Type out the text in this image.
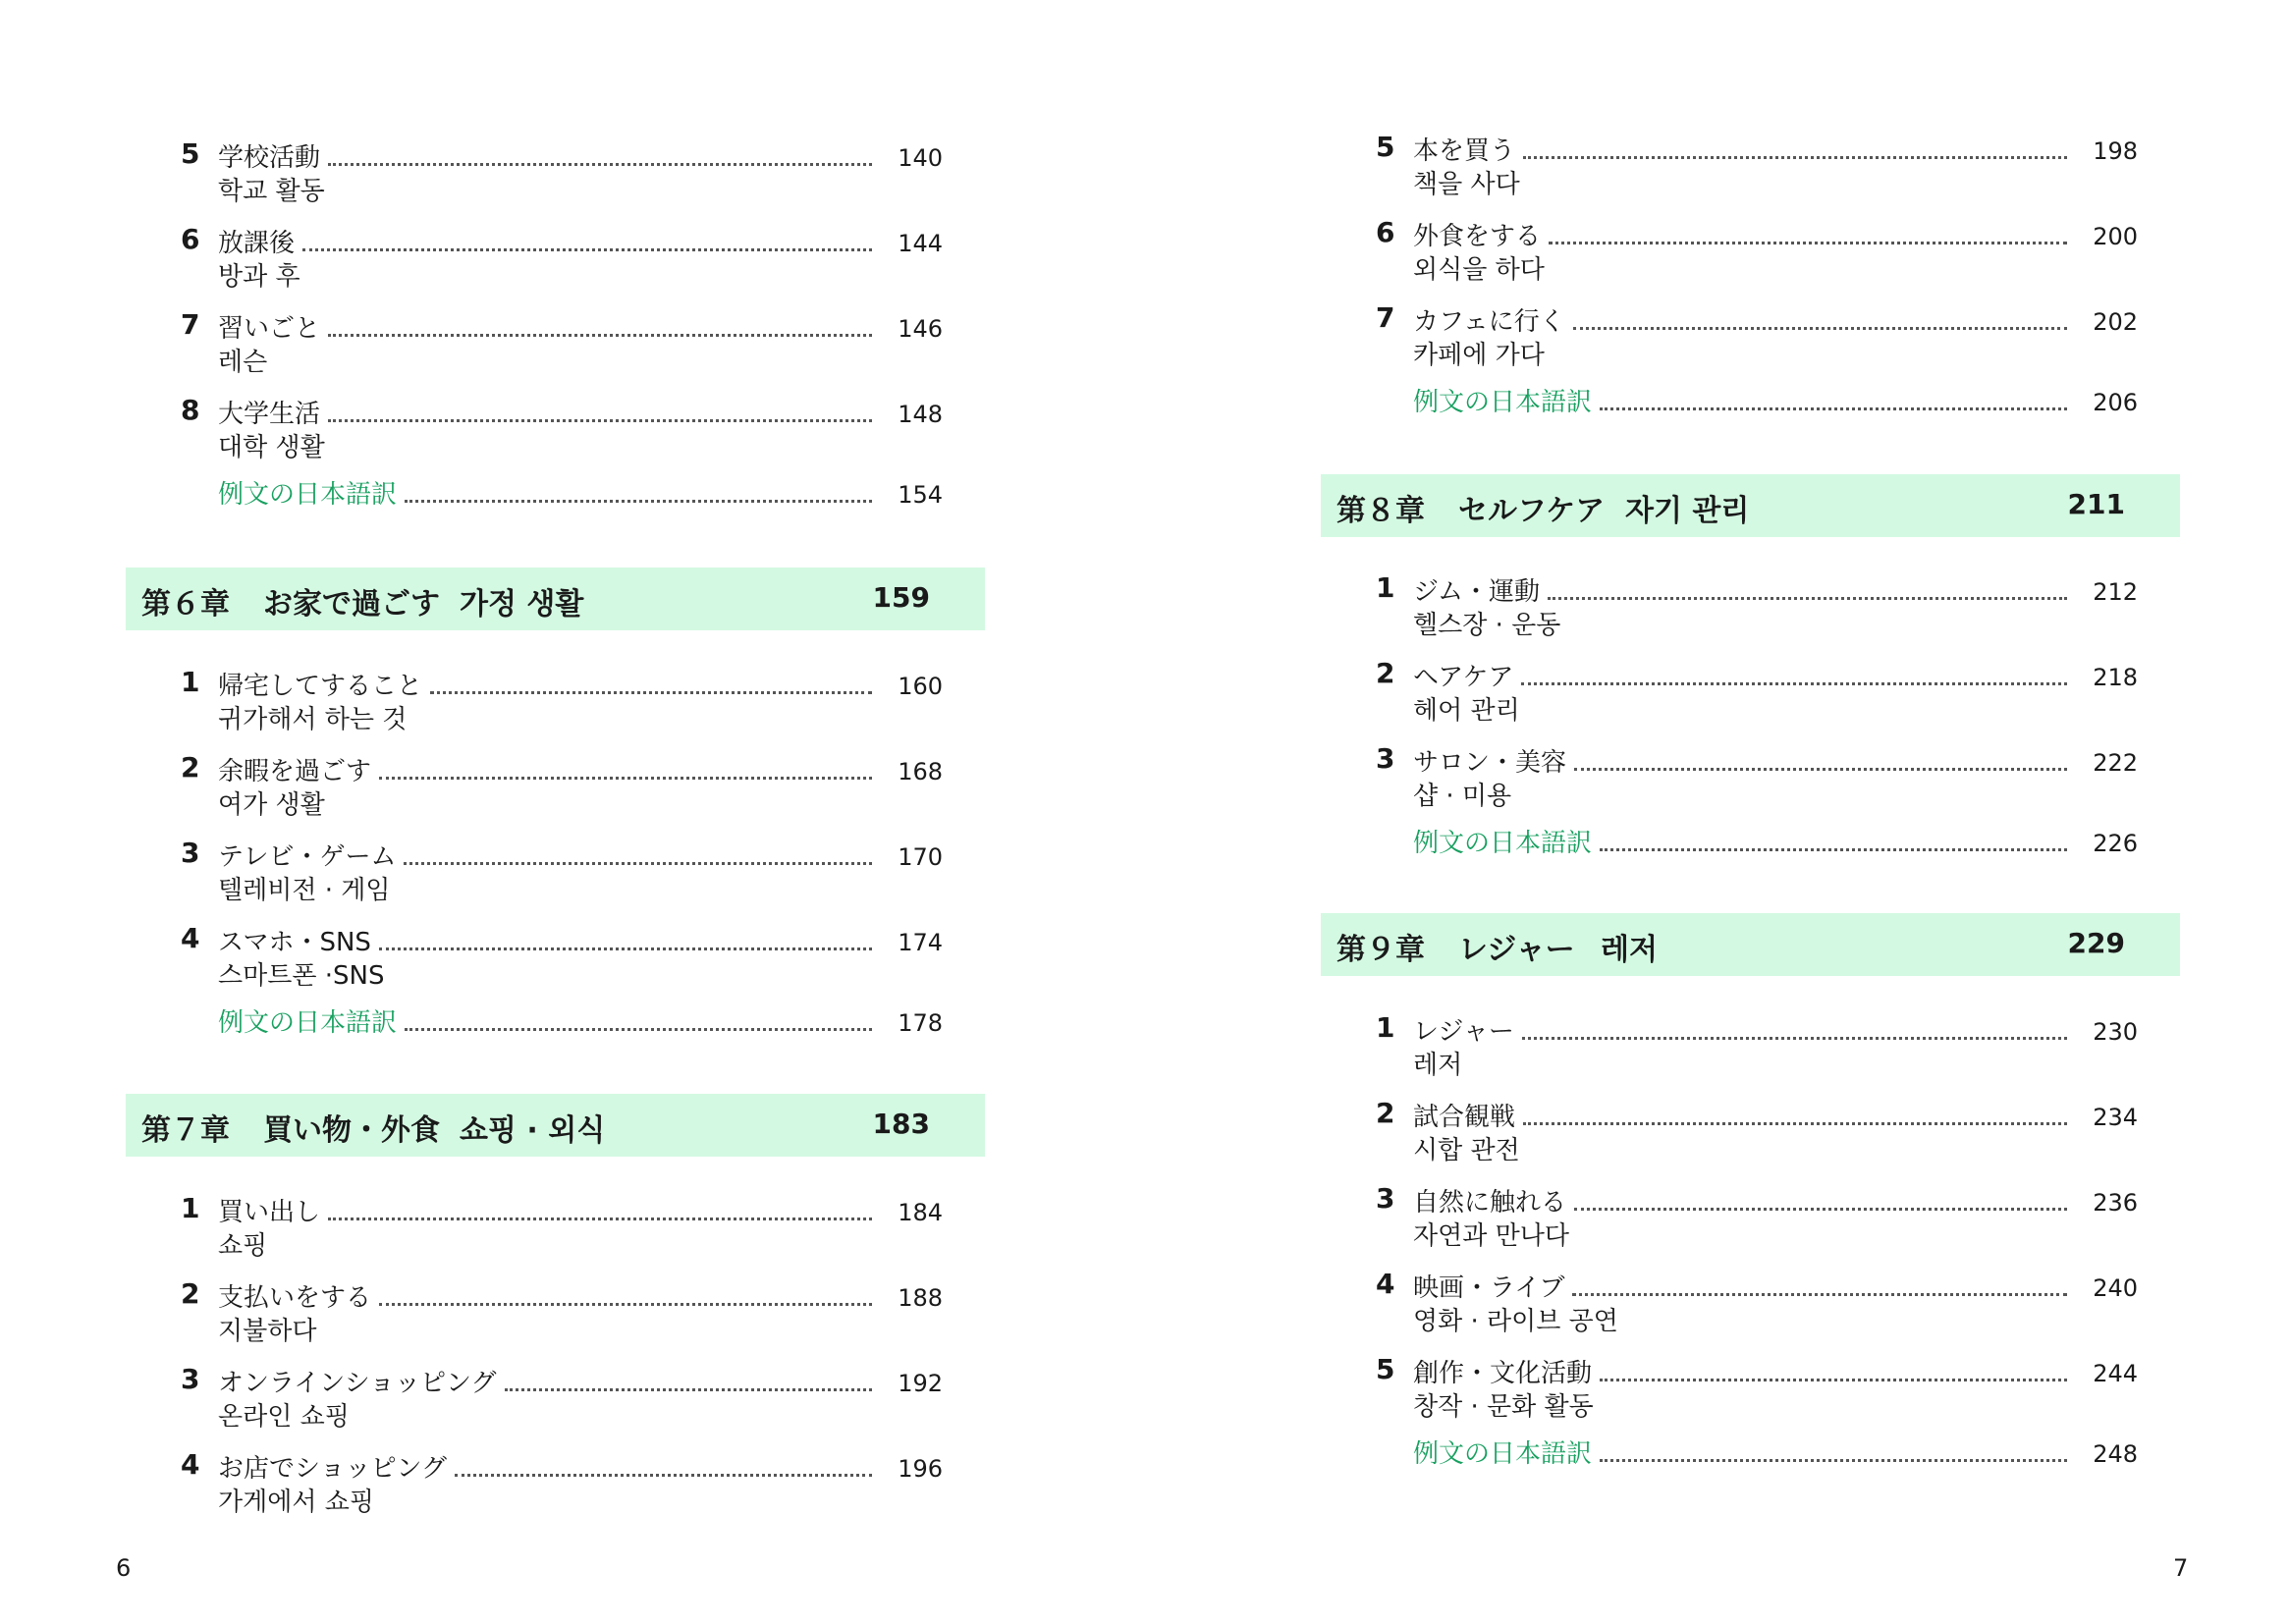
5 学校活動	140
학교 활동
6 放課後	144
방과 후
7 習いごと	146
레슨
8 大学生活	148
대학 생활
例文の日本語訳	154
第６章 お家で過ごす 가정 생활	159
1 帰宅してすること	160
귀가해서 하는 것
2 余暇を過ごす	168
여가 생활
3 テレビ・ゲーム	170
텔레비전 · 게임
4 スマホ・SNS	174
스마트폰 ·SNS
例文の日本語訳	178
第７章 買い物・外食 쇼핑 · 외식	183
1 買い出し	184
쇼핑
2 支払いをする	188
지불하다
3 オンラインショッピング	192
온라인 쇼핑
4 お店でショッピング	196
가게에서 쇼핑
6
5 本を買う	198
책을 사다
6 外食をする	200
외식을 하다
7 カフェに行く	202
카페에 가다
例文の日本語訳	206
第８章 セルフケア 자기 관리	211
1 ジム・運動	212
헬스장 · 운동
2 ヘアケア	218
헤어 관리
3 サロン・美容	222
샵 · 미용
例文の日本語訳	226
第９章 レジャー 레저	229
1 レジャー	230
레저
2 試合観戦	234
시합 관전
3 自然に触れる	236
자연과 만나다
4 映画・ライブ	240
영화 · 라이브 공연
5 創作・文化活動	244
창작 · 문화 활동
例文の日本語訳	248
7
